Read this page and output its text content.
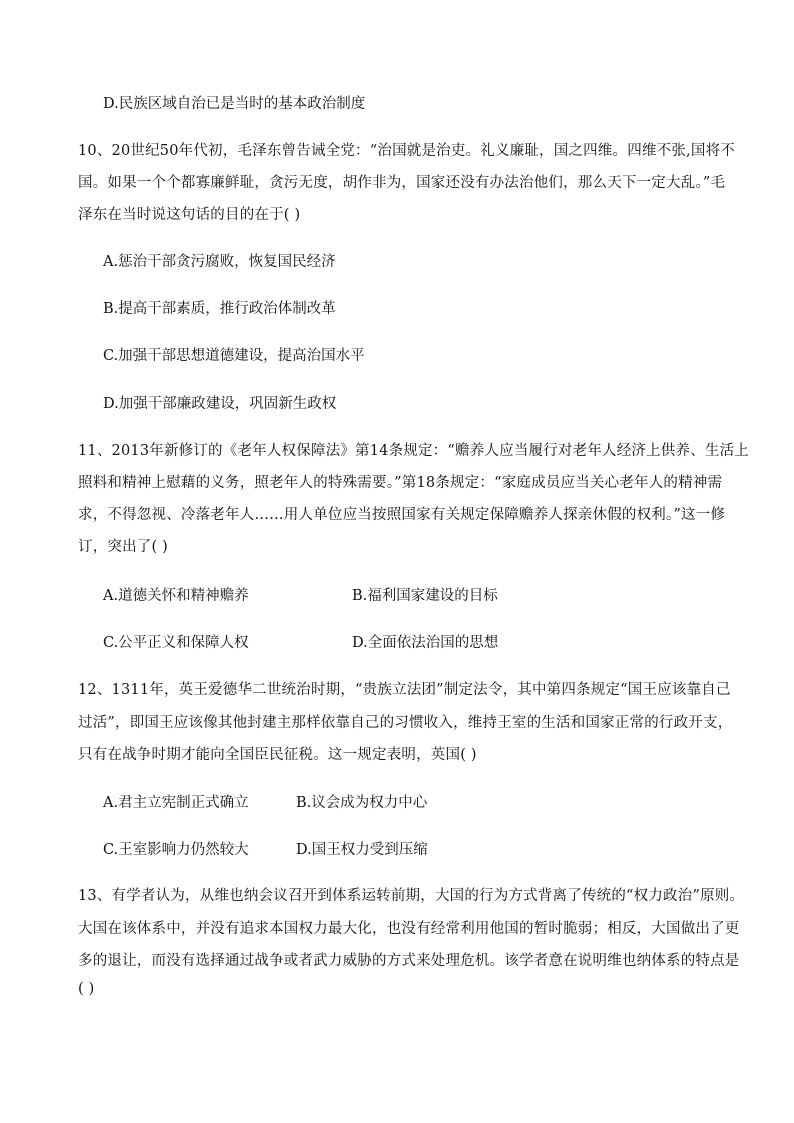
D.民族区域自治已是当时的基本政治制度
10、20世纪50年代初，毛泽东曾告诫全党：“治国就是治吏。礼义廉耻，国之四维。四维不张,国将不
国。如果一个个都寡廉鲜耻，贪污无度，胡作非为，国家还没有办法治他们，那么天下一定大乱。”毛
泽东在当时说这句话的目的在于( )
A.惩治干部贪污腐败，恢复国民经济
B.提高干部素质，推行政治体制改革
C.加强干部思想道德建设，提高治国水平
D.加强干部廉政建设，巩固新生政权
11、2013年新修订的《老年人权保障法》第14条规定：“赡养人应当履行对老年人经济上供养、生活上
照料和精神上慰藉的义务，照老年人的特殊需要。”第18条规定：“家庭成员应当关心老年人的精神需
求，不得忽视、冷落老年人……用人单位应当按照国家有关规定保障赡养人探亲休假的权利。”这一修
订，突出了( )
A.道德关怀和精神赡养	B.福利国家建设的目标
C.公平正义和保障人权	D.全面依法治国的思想
12、1311年，英王爱德华二世统治时期，“贵族立法团”制定法令，其中第四条规定“国王应该靠自己
过活”，即国王应该像其他封建主那样依靠自己的习惯收入，维持王室的生活和国家正常的行政开支，
只有在战争时期才能向全国臣民征税。这一规定表明，英国( )
A.君主立宪制正式确立	B.议会成为权力中心
C.王室影响力仍然较大	D.国王权力受到压缩
13、有学者认为，从维也纳会议召开到体系运转前期，大国的行为方式背离了传统的“权力政治”原则。
大国在该体系中，并没有追求本国权力最大化，也没有经常利用他国的暂时脆弱；相反，大国做出了更
多的退让，而没有选择通过战争或者武力威胁的方式来处理危机。该学者意在说明维也纳体系的特点是
( )
